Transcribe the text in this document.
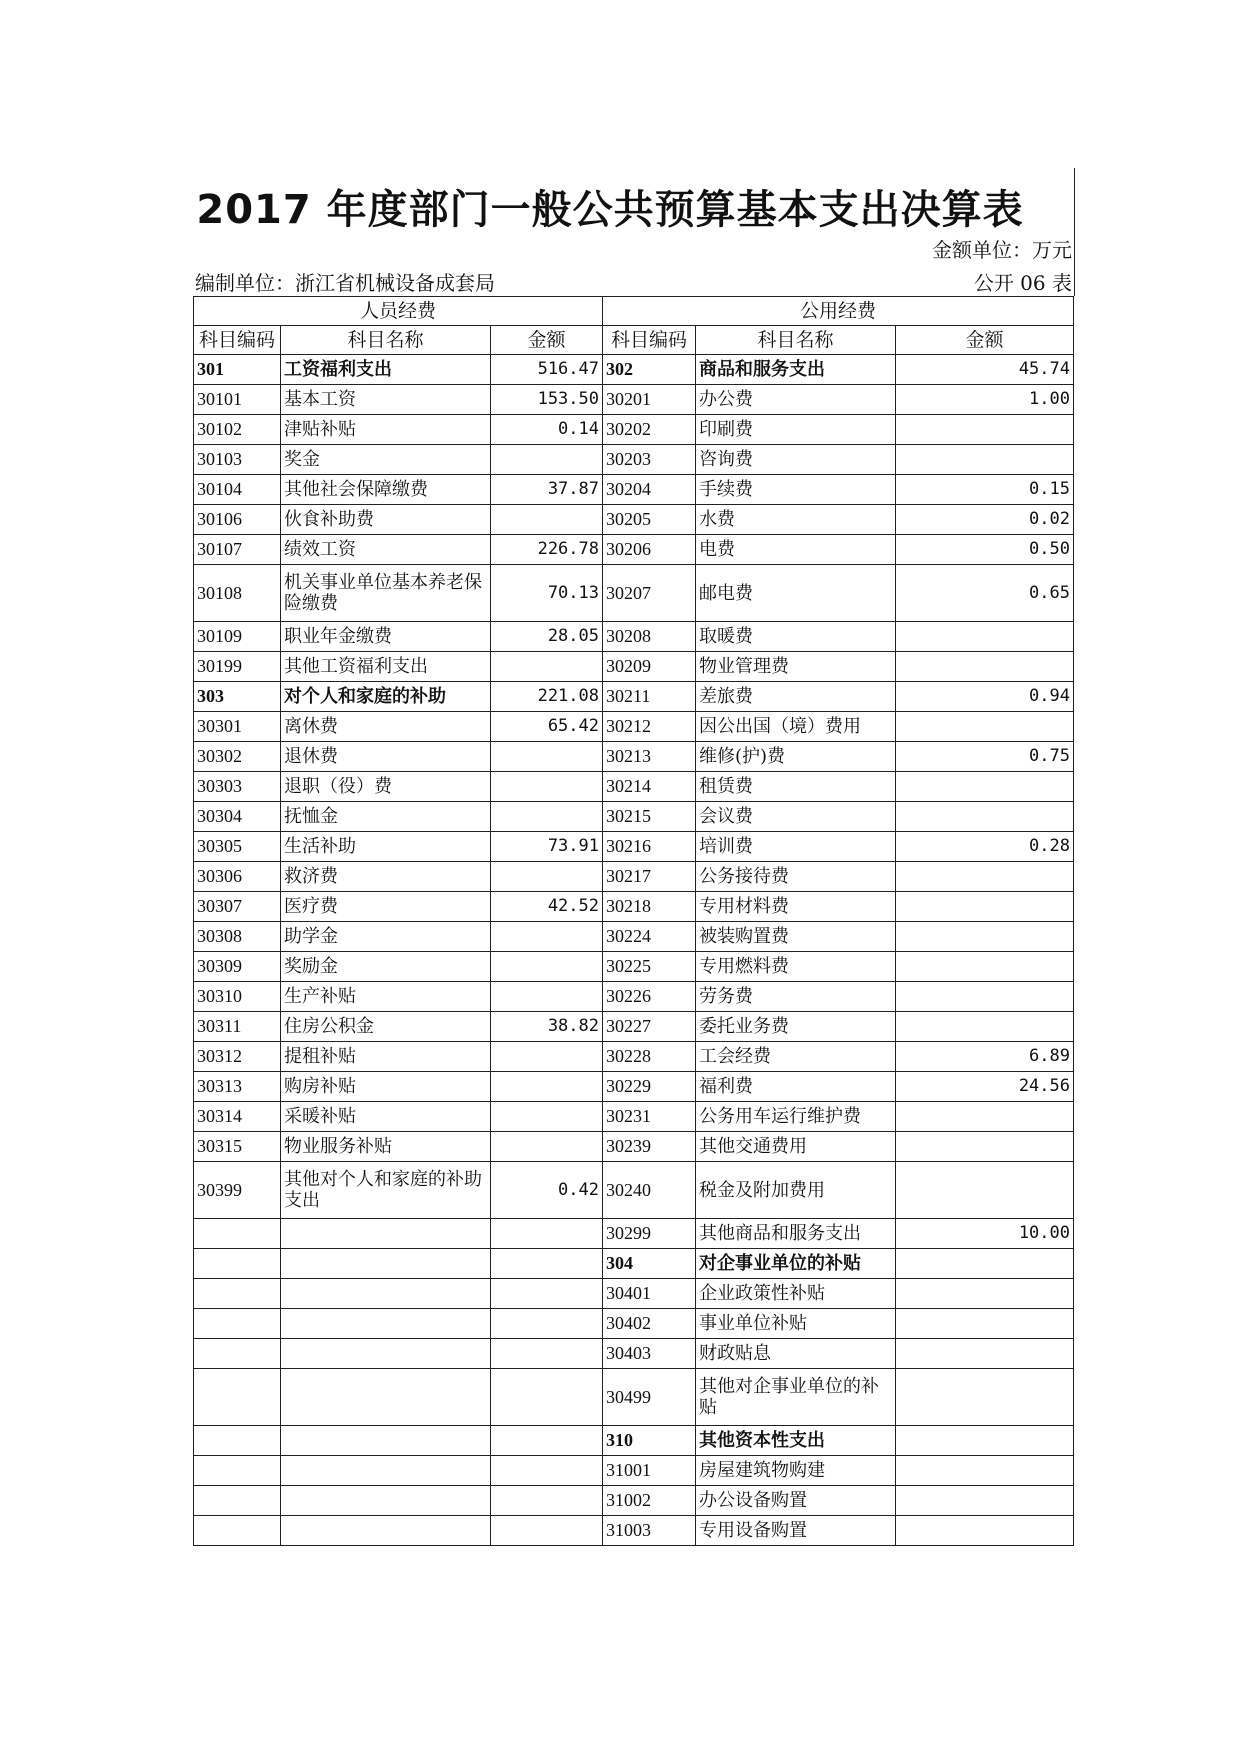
2017 年度部门一般公共预算基本支出决算表
金额单位：万元
编制单位：浙江省机械设备成套局	公开 06 表
人员经费			公用经费		
科目编码	科目名称	金额	科目编码	科目名称	金额
301	工资福利支出	516.47	302	商品和服务支出	45.74
30101	基本工资	153.50	30201	办公费	1.00
30102	津贴补贴	0.14	30202	印刷费	
30103	奖金		30203	咨询费	
30104	其他社会保障缴费	37.87	30204	手续费	0.15
30106	伙食补助费		30205	水费	0.02
30107	绩效工资	226.78	30206	电费	0.50
30108	机关事业单位基本养老保险缴费	70.13	30207	邮电费	0.65
30109	职业年金缴费	28.05	30208	取暖费	
30199	其他工资福利支出		30209	物业管理费	
303	对个人和家庭的补助	221.08	30211	差旅费	0.94
30301	离休费	65.42	30212	因公出国（境）费用	
30302	退休费		30213	维修(护)费	0.75
30303	退职（役）费		30214	租赁费	
30304	抚恤金		30215	会议费	
30305	生活补助	73.91	30216	培训费	0.28
30306	救济费		30217	公务接待费	
30307	医疗费	42.52	30218	专用材料费	
30308	助学金		30224	被装购置费	
30309	奖励金		30225	专用燃料费	
30310	生产补贴		30226	劳务费	
30311	住房公积金	38.82	30227	委托业务费	
30312	提租补贴		30228	工会经费	6.89
30313	购房补贴		30229	福利费	24.56
30314	采暖补贴		30231	公务用车运行维护费	
30315	物业服务补贴		30239	其他交通费用	
30399	其他对个人和家庭的补助支出	0.42	30240	税金及附加费用	
			30299	其他商品和服务支出	10.00
			304	对企事业单位的补贴	
			30401	企业政策性补贴	
			30402	事业单位补贴	
			30403	财政贴息	
			30499	其他对企事业单位的补贴	
			310	其他资本性支出	
			31001	房屋建筑物购建	
			31002	办公设备购置	
			31003	专用设备购置	
